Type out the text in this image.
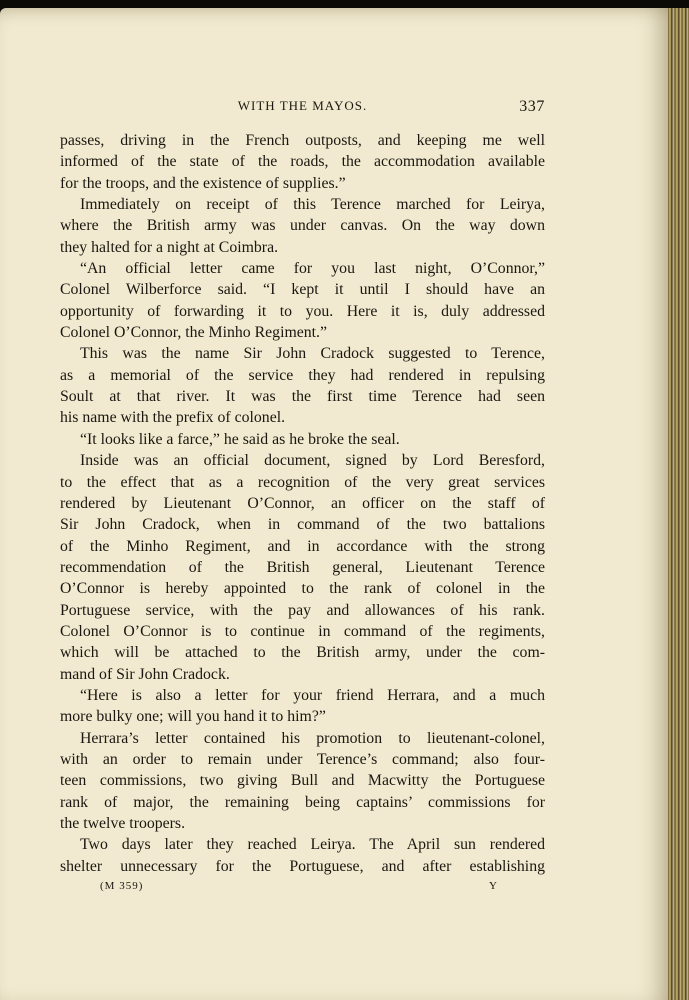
WITH THE MAYOS.	337
passes, driving in the French outposts, and keeping me well
informed of the state of the roads, the accommodation available
for the troops, and the existence of supplies.”
Immediately on receipt of this Terence marched for Leirya,
where the British army was under canvas. On the way down
they halted for a night at Coimbra.
“An official letter came for you last night, O’Connor,”
Colonel Wilberforce said. “I kept it until I should have an
opportunity of forwarding it to you. Here it is, duly addressed
Colonel O’Connor, the Minho Regiment.”
This was the name Sir John Cradock suggested to Terence,
as a memorial of the service they had rendered in repulsing
Soult at that river. It was the first time Terence had seen
his name with the prefix of colonel.
“It looks like a farce,” he said as he broke the seal.
Inside was an official document, signed by Lord Beresford,
to the effect that as a recognition of the very great services
rendered by Lieutenant O’Connor, an officer on the staff of
Sir John Cradock, when in command of the two battalions
of the Minho Regiment, and in accordance with the strong
recommendation of the British general, Lieutenant Terence
O’Connor is hereby appointed to the rank of colonel in the
Portuguese service, with the pay and allowances of his rank.
Colonel O’Connor is to continue in command of the regiments,
which will be attached to the British army, under the com-
mand of Sir John Cradock.
“Here is also a letter for your friend Herrara, and a much
more bulky one; will you hand it to him?”
Herrara’s letter contained his promotion to lieutenant-colonel,
with an order to remain under Terence’s command; also four-
teen commissions, two giving Bull and Macwitty the Portuguese
rank of major, the remaining being captains’ commissions for
the twelve troopers.
Two days later they reached Leirya. The April sun rendered
shelter unnecessary for the Portuguese, and after establishing
(M 359)	Y
